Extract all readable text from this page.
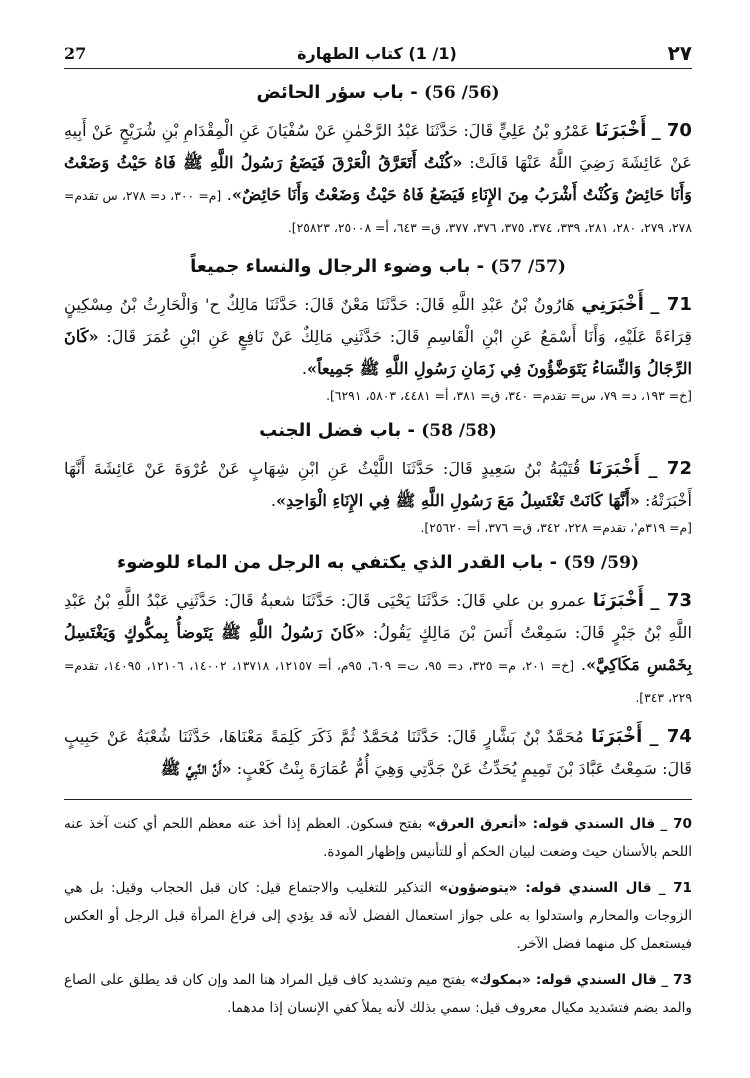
27	(1/ 1) كتاب الطهارة	٢٧
(56/ 56) - باب سؤر الحائض

70 _ أَخْبَرَنَا عَمْرُو بْنُ عَلِيٍّ قَالَ: حَدَّثَنَا عَبْدُ الرَّحْمٰنِ عَنْ سُفْيَانَ عَنِ الْمِقْدَامِ بْنِ شُرَيْحٍ عَنْ أَبِيهِ عَنْ عَائِشَةَ رَضِيَ اللَّهُ عَنْهَا قَالَتْ: «كُنْتُ أَتَعَرَّقُ الْعَرْقَ فَيَضَعُ رَسُولُ اللَّهِ ﷺ فَاهُ حَيْثُ وَضَعْتُ وَأَنَا حَائِضٌ وَكُنْتُ أَشْرَبُ مِنَ الإِنَاءِ فَيَضَعُ فَاهُ حَيْثُ وَضَعْتُ وَأَنَا حَائِضٌ». [م= ٣٠٠، د= ٢٧٨، س تقدم= ٢٧٨، ٢٧٩، ٢٨٠، ٢٨١، ٣٣٩، ٣٧٤، ٣٧٥، ٣٧٦، ٣٧٧، ق= ٦٤٣، أ= ٢٥٠٠٨، ٢٥٨٢٣].

(57/ 57) - باب وضوء الرجال والنساء جميعاً

71 _ أَخْبَرَنِي هَارُونُ بْنُ عَبْدِ اللَّهِ قَالَ: حَدَّثَنَا مَعْنٌ قَالَ: حَدَّثَنَا مَالِكٌ ح' وَالْحَارِثُ بْنُ مِسْكِينٍ قِرَاءَةً عَلَيْهِ، وَأَنَا أَسْمَعُ عَنِ ابْنِ الْقَاسِمِ قَالَ: حَدَّثَنِي مَالِكٌ عَنْ نَافِعٍ عَنِ ابْنِ عُمَرَ قَالَ: «كَانَ الرِّجَالُ وَالنِّسَاءُ يَتَوَضَّؤُونَ فِي زَمَانِ رَسُولِ اللَّهِ ﷺ جَمِيعاً».

[خ= ١٩٣، د= ٧٩، س= تقدم= ٣٤٠، ق= ٣٨١، أ= ٤٤٨١، ٥٨٠٣، ٦٢٩١].

(58/ 58) - باب فضل الجنب

72 _ أَخْبَرَنَا قُتَيْبَةُ بْنُ سَعِيدٍ قَالَ: حَدَّثَنَا اللَّيْثُ عَنِ ابْنِ شِهَابٍ عَنْ عُرْوَةَ عَنْ عَائِشَةَ أَنَّهَا أَخْبَرَتْهُ: «أَنَّهَا كَانَتْ تَغْتَسِلُ مَعَ رَسُولِ اللَّهِ ﷺ فِي الإِنَاءِ الْوَاحِدِ».

[م= ٣١٩م'، تقدم= ٢٢٨، ٣٤٢، ق= ٣٧٦، أ= ٢٥٦٢٠].

(59/ 59) - باب القدر الذي يكتفي به الرجل من الماء للوضوء

73 _ أَخْبَرَنَا عمرو بن علي قَالَ: حَدَّثَنَا يَحْيَى قَالَ: حَدَّثَنَا شعبةُ قَالَ: حَدَّثَنِي عَبْدُ اللَّهِ بْنُ عَبْدِ اللَّهِ بْنُ جَبْرٍ قَالَ: سَمِعْتُ أَنَسَ بْنَ مَالِكٍ يَقُولُ: «كَانَ رَسُولُ اللَّهِ ﷺ يَتَوضأُ بِمكُّوكٍ وَيَغْتَسِلُ بِخَمْسِ مَكَاكِيَّ». [خ= ٢٠١، م= ٣٢٥، د= ٩٥، ت= ٦٠٩، ٩٥م، أ= ١٢١٥٧، ١٣٧١٨، ١٤٠٠٢، ١٢١٠٦، ١٤٠٩٥، تقدم= ٢٢٩، ٣٤٣].

74 _ أَخْبَرَنَا مُحَمَّدُ بْنُ بَشَّارٍ قَالَ: حَدَّثَنَا مُحَمَّدٌ ثُمَّ ذَكَرَ كَلِمَةً مَعْنَاهَا، حَدَّثَنَا شُعْبَةُ عَنْ حَبِيبٍ قَالَ: سَمِعْتُ عَبَّادَ بْنَ تَمِيمٍ يُحَدِّثُ عَنْ جَدَّتِي وَهِيَ أُمُّ عُمَارَةَ بِنْتُ كَعْبٍ: «أَنَّ النَّبِيَّ ﷺ

70 _ قال السندي قوله: «أتعرق العرق» بفتح فسكون. العظم إذا أخذ عنه معظم اللحم أي كنت آخذ عنه اللحم بالأسنان حيث وضعت لبيان الحكم أو للتأنيس وإظهار المودة.

71 _ قال السندي قوله: «يتوضؤون» التذكير للتغليب والاجتماع قيل: كان قبل الحجاب وقيل: بل هي الزوجات والمحارم واستدلوا به على جواز استعمال الفضل لأنه قد يؤدي إلى فراغ المرأة قبل الرجل أو العكس فيستعمل كل منهما فضل الآخر.

73 _ قال السندي قوله: «بمكوك» بفتح ميم وتشديد كاف قيل المراد هنا المد وإن كان قد يطلق على الصاع والمد بضم فتشديد مكيال معروف قيل: سمي بذلك لأنه يملأ كفي الإنسان إذا مدهما.
